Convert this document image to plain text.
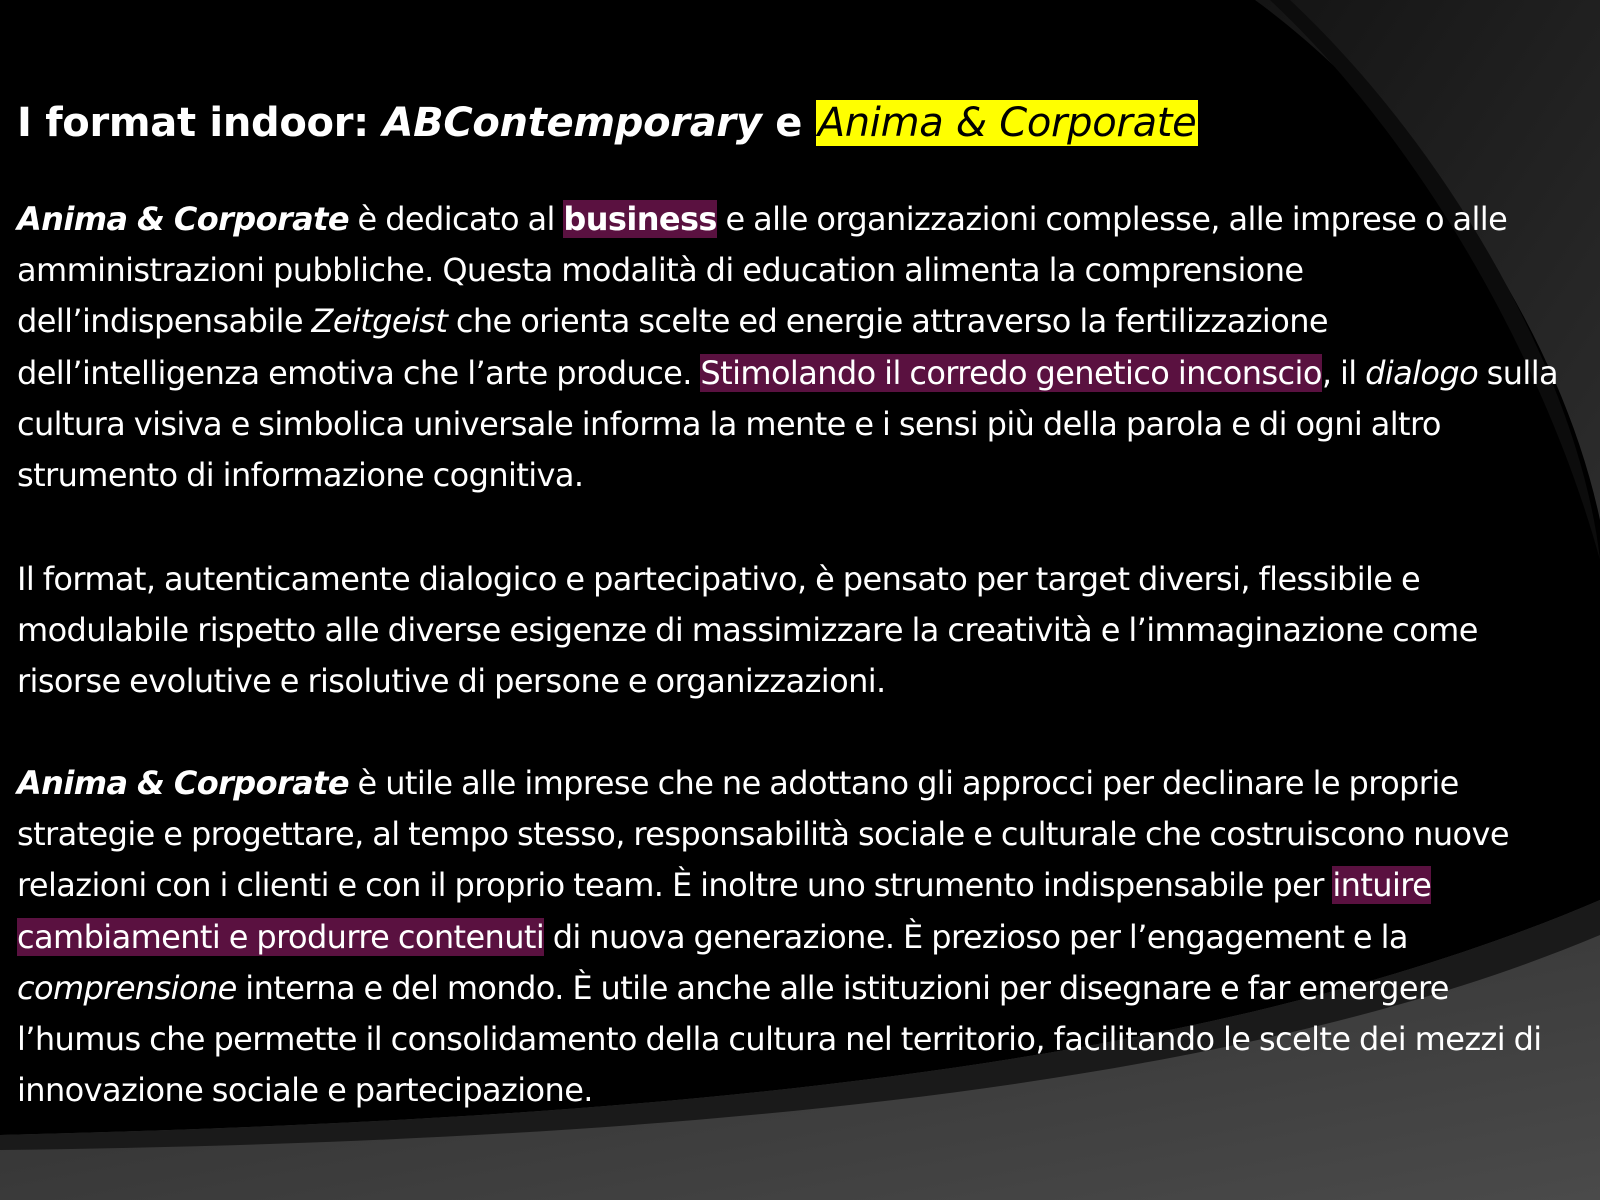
I format indoor: ABContemporary e Anima & Corporate

Anima & Corporate è dedicato al business e alle organizzazioni complesse, alle imprese o alle amministrazioni pubbliche. Questa modalità di education alimenta la comprensione dell’indispensabile Zeitgeist che orienta scelte ed energie attraverso la fertilizzazione dell’intelligenza emotiva che l’arte produce. Stimolando il corredo genetico inconscio, il dialogo sulla cultura visiva e simbolica universale informa la mente e i sensi più della parola e di ogni altro strumento di informazione cognitiva.

Il format, autenticamente dialogico e partecipativo, è pensato per target diversi, flessibile e modulabile rispetto alle diverse esigenze di massimizzare la creatività e l’immaginazione come risorse evolutive e risolutive di persone e organizzazioni.

Anima & Corporate è utile alle imprese che ne adottano gli approcci per declinare le proprie strategie e progettare, al tempo stesso, responsabilità sociale e culturale che costruiscono nuove relazioni con i clienti e con il proprio team. È inoltre uno strumento indispensabile per intuire cambiamenti e produrre contenuti di nuova generazione. È prezioso per l’engagement e la comprensione interna e del mondo. È utile anche alle istituzioni per disegnare e far emergere l’humus che permette il consolidamento della cultura nel territorio, facilitando le scelte dei mezzi di innovazione sociale e partecipazione.
